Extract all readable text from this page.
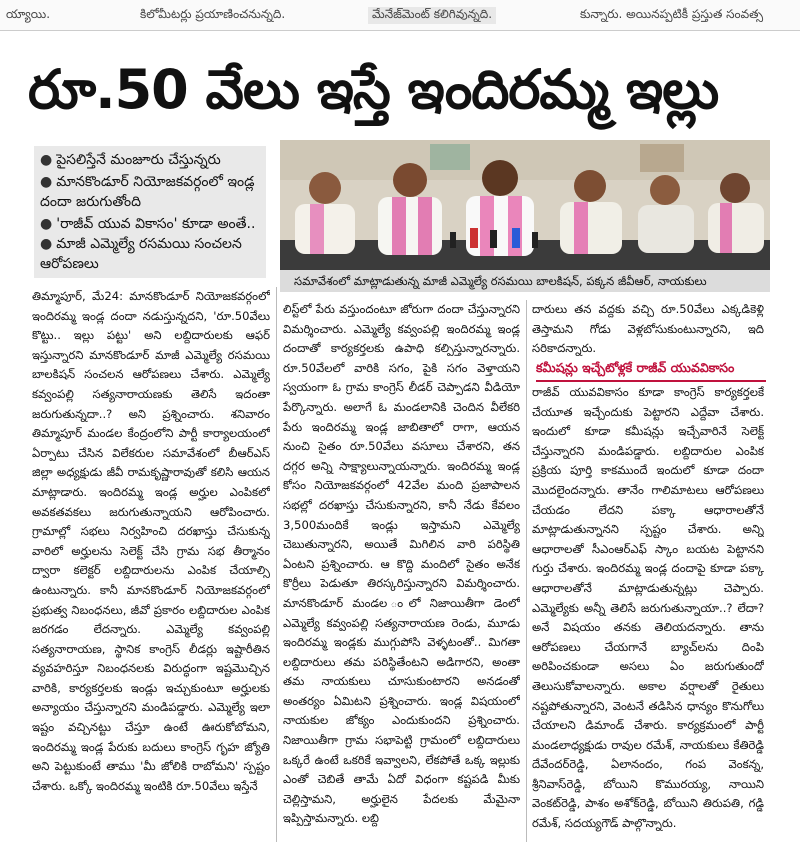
య్యాయి.	కిలోమీటర్లు ప్రయాణించనున్నది.	మేనేజ్‌మెంట్ కలిగివున్నది.	కున్నారు. అయినప్పటికీ ప్రస్తుత సంవత్స
రూ.50 వేలు ఇస్తే ఇందిరమ్మ ఇల్లు
● పైసలిస్తేనే మంజూరు చేస్తున్నరు
● మానకొండూర్ నియోజకవర్గంలో ఇండ్ల దందా జరుగుతోంది
● 'రాజీవ్ యువ వికాసం' కూడా అంతే.. ● మాజీ ఎమ్మెల్యే రసమయి సంచలన ఆరోపణలు
సమావేశంలో మాట్లాడుతున్న మాజీ ఎమ్మెల్యే రసమయి బాలకిషన్, పక్కన జీవీఆర్, నాయకులు

తిమ్మాపూర్, మే24: మానకొండూర్ నియోజకవర్గంలో ఇందిరమ్మ ఇండ్ల దందా నడుస్తున్నదని, 'రూ.50వేలు కొట్టు.. ఇల్లు పట్టు' అని లబ్దిదారులకు ఆఫర్ ఇస్తున్నారని మానకొండూర్ మాజీ ఎమ్మెల్యే రసమయి బాలకిషన్ సంచలన ఆరోపణలు చేశారు. ఎమ్మెల్యే కవ్వంపల్లి సత్యనారాయణకు తెలిసే ఇదంతా జరుగుతున్నదా..? అని ప్రశ్నించారు. శనివారం తిమ్మాపూర్ మండల కేంద్రంలోని పార్టీ కార్యాలయంలో ఏర్పాటు చేసిన విలేకరుల సమావేశంలో బీఆర్ఎస్ జిల్లా అధ్యక్షుడు జీవీ రామకృష్ణారావుతో కలిసి ఆయన మాట్లాడారు. ఇందిరమ్మ ఇండ్ల అర్హుల ఎంపికలో అవకతవకలు జరుగుతున్నాయని ఆరోపించారు. గ్రామాల్లో సభలు నిర్వహించి దరఖాస్తు చేసుకున్న వారిలో అర్హులను సెలెక్ట్ చేసి గ్రామ సభ తీర్మానం ద్వారా కలెక్టర్ లబ్దిదారులను ఎంపిక చేయాల్సి ఉంటున్నారు. కానీ మానకొండూర్ నియోజకవర్గంలో ప్రభుత్వ నిబంధనలు, జీవో ప్రకారం లబ్దిదారుల ఎంపిక జరగడం లేదన్నారు. ఎమ్మెల్యే కవ్వంపల్లి సత్యనారాయణ, స్థానిక కాంగ్రెస్ లీడర్లు ఇష్టారీతిన వ్యవహరిస్తూ నిబంధనలకు విరుద్ధంగా ఇష్టమొచ్చిన వారికి, కార్యకర్తలకు ఇండ్లు ఇచ్చుకుంటూ అర్హులకు అన్యాయం చేస్తున్నారని మండిపడ్డారు. ఎమ్మెల్యే ఇలా ఇష్టం వచ్చినట్టు చేస్తూ ఉంటే ఊరుకోబోమని, ఇందిరమ్మ ఇండ్ల పేరుకు బదులు కాంగ్రెస్ గృహ జ్యోతి అని పెట్టుకుంటే తాము 'మీ జోలికి రాబోమని' స్పష్టం చేశారు. ఒక్కో ఇందిరమ్మ ఇంటికి రూ.50వేలు ఇస్తేనే

లిస్ట్‌లో పేరు వస్తుందంటూ జోరుగా దందా చేస్తున్నారని విమర్శించారు. ఎమ్మెల్యే కవ్వంపల్లి ఇందిరమ్మ ఇండ్ల దందాతో కార్యకర్తలకు ఉపాధి కల్పిస్తున్నారన్నారు. రూ.50వేలలో వారికి సగం, పైకి సగం వెళ్తాయని స్వయంగా ఓ గ్రామ కాంగ్రెస్ లీడర్ చెప్పాడని వీడియో పేర్కొన్నారు. అలాగే ఓ మండలానికి చెందిన వీలేకరి పేరు ఇందిరమ్మ ఇండ్ల జాబితాలో రాగా, ఆయన నుంచి సైతం రూ.50వేలు వసూలు చేశారని, తన దగ్గర అన్ని సాక్ష్యాలున్నాయన్నారు. ఇందిరమ్మ ఇండ్ల కోసం నియోజకవర్గంలో 42వేల మంది ప్రజాపాలన సభల్లో దరఖాస్తు చేసుకున్నారని, కానీ నేడు కేవలం 3,500మందికే ఇండ్లు ఇస్తామని ఎమ్మెల్యే చెబుతున్నారని, అయితే మిగిలిన వారి పరిస్థితి ఏంటని ప్రశ్నించారు. ఆ కొద్ది మందిలో సైతం అనేక కొర్రీలు పెడుతూ తిరస్కరిస్తున్నారని విమర్శించారు. మానకొండూర్ మండల ంలో నిజాయితీగా డెంలో ఎమ్మెల్యే కవ్వంపల్లి సత్యనారాయణ రెండు, మూడు ఇందిరమ్మ ఇండ్లకు ముగ్గుపోసి వెళ్ళటంతో.. మిగతా లబ్దిదారులు తమ పరిస్థితేంటని అడిగారని, అంతా తమ నాయకులు చూసుకుంటారని అనడంతో అంతర్యం ఏమిటని ప్రశ్నించారు. ఇండ్ల విషయంలో నాయకుల జోక్యం ఎందుకుందని ప్రశ్నించారు. నిజాయితీగా గ్రామ సభాపెట్టి గ్రామంలో లబ్దిదారులు ఒక్కరే ఉంటే ఒకరికే ఇవ్వాలని, లేకపోతే ఒక్క ఇల్లుకు ఎంతో చెబితే తామే ఏదో విధంగా కష్టపడి మీకు చెల్లిస్తామని, అర్హులైన పేదలకు మేమైనా ఇప్పిస్తామన్నారు. లబ్ది

దారులు తన వద్దకు వచ్చి రూ.50వేలు ఎక్కడికెళ్లి తెస్తామని గోడు వెళ్లబోసుకుంటున్నారని, ఇది సరికాదన్నారు.

కమీషన్లు ఇచ్చేటోళ్లకే రాజీవ్ యువవికాసం

రాజీవ్ యువవికాసం కూడా కాంగ్రెస్ కార్యకర్తలకే చేయూత ఇచ్చేందుకు పెట్టారని ఎద్దేవా చేశారు. ఇందులో కూడా కమీషన్లు ఇచ్చేవారినే సెలెక్ట్ చేస్తున్నారని మండిపడ్డారు. లబ్దిదారుల ఎంపిక ప్రక్రియ పూర్తి కాకముందే ఇందులో కూడా దందా మొదలైందన్నారు. తానేం గాలిమాటలు ఆరోపణలు చేయడం లేదని పక్కా ఆధారాలతోనే మాట్లాడుతున్నానని స్పష్టం చేశారు. అన్ని ఆధారాలతో సీఎంఆర్ఎఫ్ స్కాం బయట పెట్టానని గుర్తు చేశారు. ఇందిరమ్మ ఇండ్ల దందాపై కూడా పక్కా ఆధారాలతోనే మాట్లాడుతున్నట్లు చెప్పారు. ఎమ్మెల్యేకు అన్నీ తెలిసే జరుగుతున్నాయా..? లేదా? అనే విషయం తనకు తెలియదన్నారు. తాను ఆరోపణలు చేయగానే బ్యాచ్‌లను దింపి అరిపించకుండా అసలు ఏం జరుగుతుందో తెలుసుకోవాలన్నారు. అకాల వర్షాలతో రైతులు నష్టపోతున్నారని, వెంటనే తడిసిన ధాన్యం కొనుగోలు చేయాలని డిమాండ్ చేశారు. కార్యక్రమంలో పార్టీ మండలాధ్యక్షుడు రావుల రమేశ్, నాయకులు కేతిరెడ్డి దేవేందర్‌రెడ్డి, ఏలానందం, గంప వెంకన్న, శ్రీనివాస్‌రెడ్డి, బోయిని కొమురయ్య, నాయిని వెంకట్‌రెడ్డి, పాశం అశోక్‌రెడ్డి, బోయిని తిరుపతి, గడ్డి రమేశ్, సదయ్యగౌడ్ పాల్గొన్నారు.
